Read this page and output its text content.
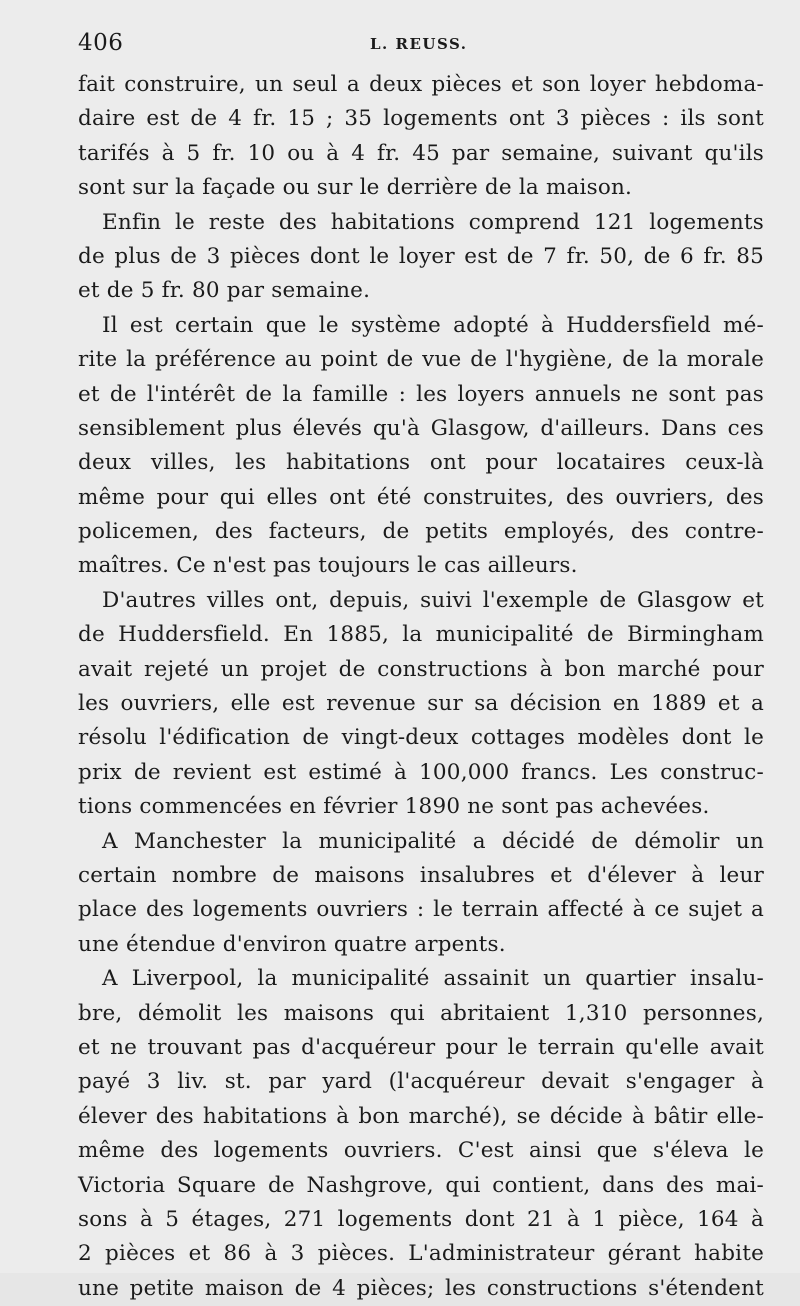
406	L. REUSS.
fait construire, un seul a deux pièces et son loyer hebdoma-
daire est de 4 fr. 15 ; 35 logements ont 3 pièces : ils sont
tarifés à 5 fr. 10 ou à 4 fr. 45 par semaine, suivant qu'ils
sont sur la façade ou sur le derrière de la maison.
Enfin le reste des habitations comprend 121 logements
de plus de 3 pièces dont le loyer est de 7 fr. 50, de 6 fr. 85
et de 5 fr. 80 par semaine.
Il est certain que le système adopté à Huddersfield mé-
rite la préférence au point de vue de l'hygiène, de la morale
et de l'intérêt de la famille : les loyers annuels ne sont pas
sensiblement plus élevés qu'à Glasgow, d'ailleurs. Dans ces
deux villes, les habitations ont pour locataires ceux-là
même pour qui elles ont été construites, des ouvriers, des
policemen, des facteurs, de petits employés, des contre-
maîtres. Ce n'est pas toujours le cas ailleurs.
D'autres villes ont, depuis, suivi l'exemple de Glasgow et
de Huddersfield. En 1885, la municipalité de Birmingham
avait rejeté un projet de constructions à bon marché pour
les ouvriers, elle est revenue sur sa décision en 1889 et a
résolu l'édification de vingt-deux cottages modèles dont le
prix de revient est estimé à 100,000 francs. Les construc-
tions commencées en février 1890 ne sont pas achevées.
A Manchester la municipalité a décidé de démolir un
certain nombre de maisons insalubres et d'élever à leur
place des logements ouvriers : le terrain affecté à ce sujet a
une étendue d'environ quatre arpents.
A Liverpool, la municipalité assainit un quartier insalu-
bre, démolit les maisons qui abritaient 1,310 personnes,
et ne trouvant pas d'acquéreur pour le terrain qu'elle avait
payé 3 liv. st. par yard (l'acquéreur devait s'engager à
élever des habitations à bon marché), se décide à bâtir elle-
même des logements ouvriers. C'est ainsi que s'éleva le
Victoria Square de Nashgrove, qui contient, dans des mai-
sons à 5 étages, 271 logements dont 21 à 1 pièce, 164 à
2 pièces et 86 à 3 pièces. L'administrateur gérant habite
une petite maison de 4 pièces; les constructions s'étendent
